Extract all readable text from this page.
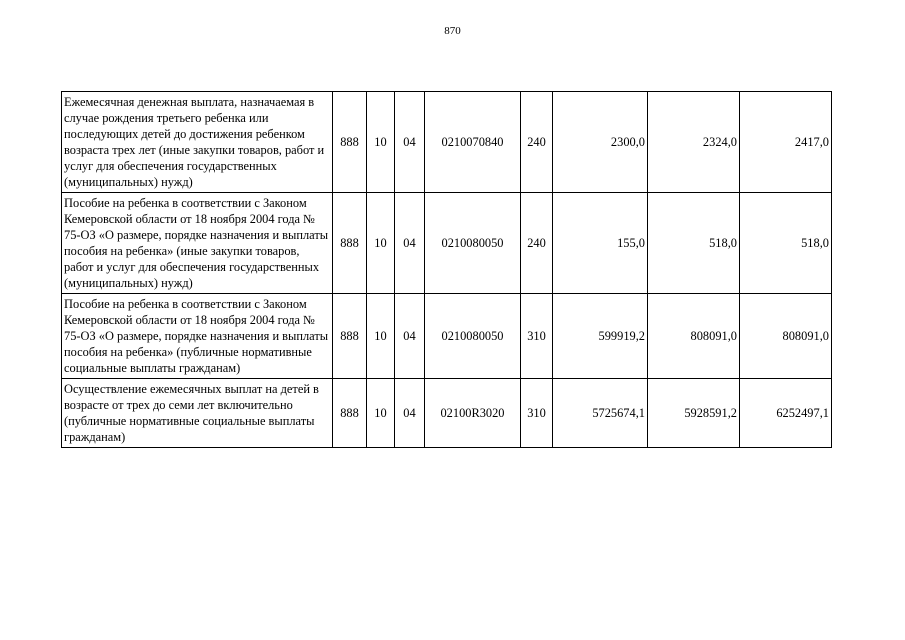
870
Ежемесячная денежная выплата, назначаемая в случае рождения третьего ребенка или последующих детей до достижения ребенком возраста трех лет (иные закупки товаров, работ и услуг для обеспечения государственных (муниципальных) нужд)	888	10	04	0210070840	240	2300,0	2324,0	2417,0
Пособие на ребенка в соответствии с Законом Кемеровской области от 18 ноября 2004 года № 75-ОЗ «О размере, порядке назначения и выплаты пособия на ребенка» (иные закупки товаров, работ и услуг для обеспечения государственных (муниципальных) нужд)	888	10	04	0210080050	240	155,0	518,0	518,0
Пособие на ребенка в соответствии с Законом Кемеровской области от 18 ноября 2004 года № 75-ОЗ «О размере, порядке назначения и выплаты пособия на ребенка» (публичные нормативные социальные выплаты гражданам)	888	10	04	0210080050	310	599919,2	808091,0	808091,0
Осуществление ежемесячных выплат на детей в возрасте от трех до семи лет включительно (публичные нормативные социальные выплаты гражданам)	888	10	04	02100R3020	310	5725674,1	5928591,2	6252497,1
